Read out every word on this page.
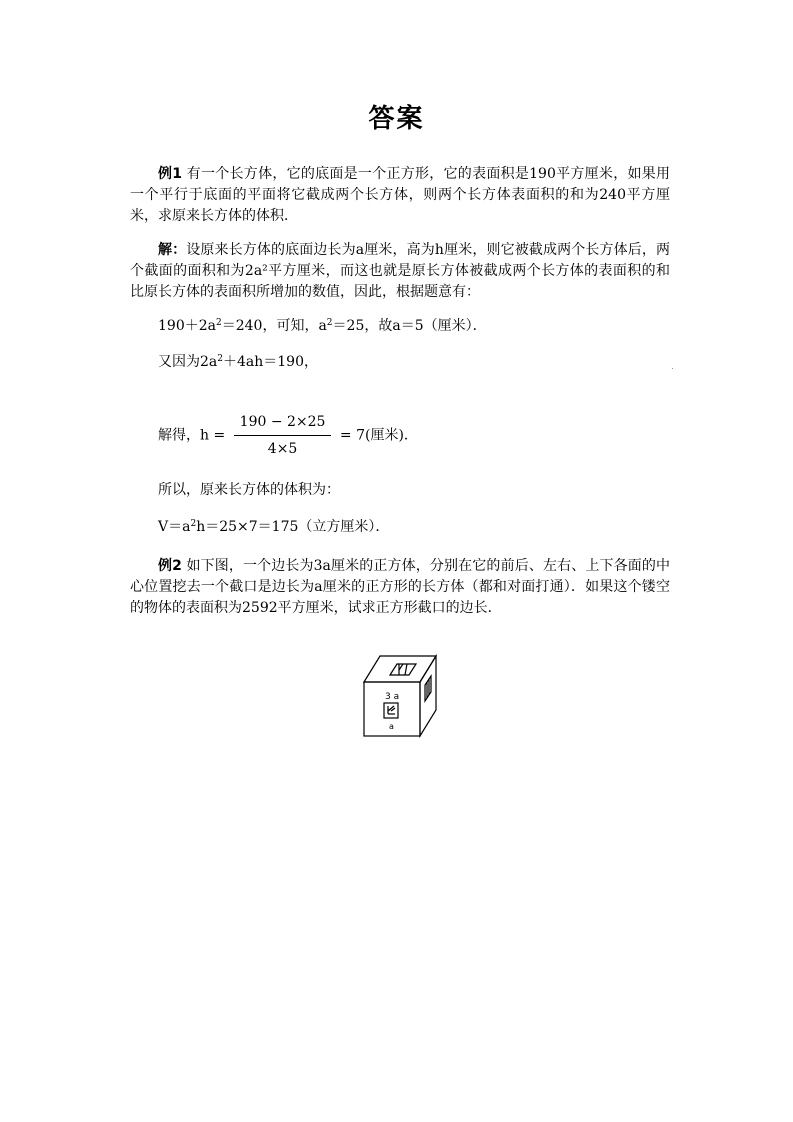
答案
例1 有一个长方体，它的底面是一个正方形，它的表面积是190平方厘米，如果用一个平行于底面的平面将它截成两个长方体，则两个长方体表面积的和为240平方厘米，求原来长方体的体积．
解：设原来长方体的底面边长为a厘米，高为h厘米，则它被截成两个长方体后，两个截面的面积和为2a²平方厘米，而这也就是原长方体被截成两个长方体的表面积的和比原长方体的表面积所增加的数值，因此，根据题意有：
$190+2a^2=240$，可知，$a^2=25$，故a＝5（厘米）．
又因为$2a^2+4ah=190$，
解得，$h = \frac{190 - 2\times 25}{4\times 5} = 7$(厘米)．
所以，原来长方体的体积为：
$V=a^2h=25\times 7=175$（立方厘米）．
例2 如下图，一个边长为3a厘米的正方体，分别在它的前后、左右、上下各面的中心位置挖去一个截口是边长为a厘米的正方形的长方体（都和对面打通）．如果这个镂空的物体的表面积为2592平方厘米，试求正方形截口的边长．
3 a
a
